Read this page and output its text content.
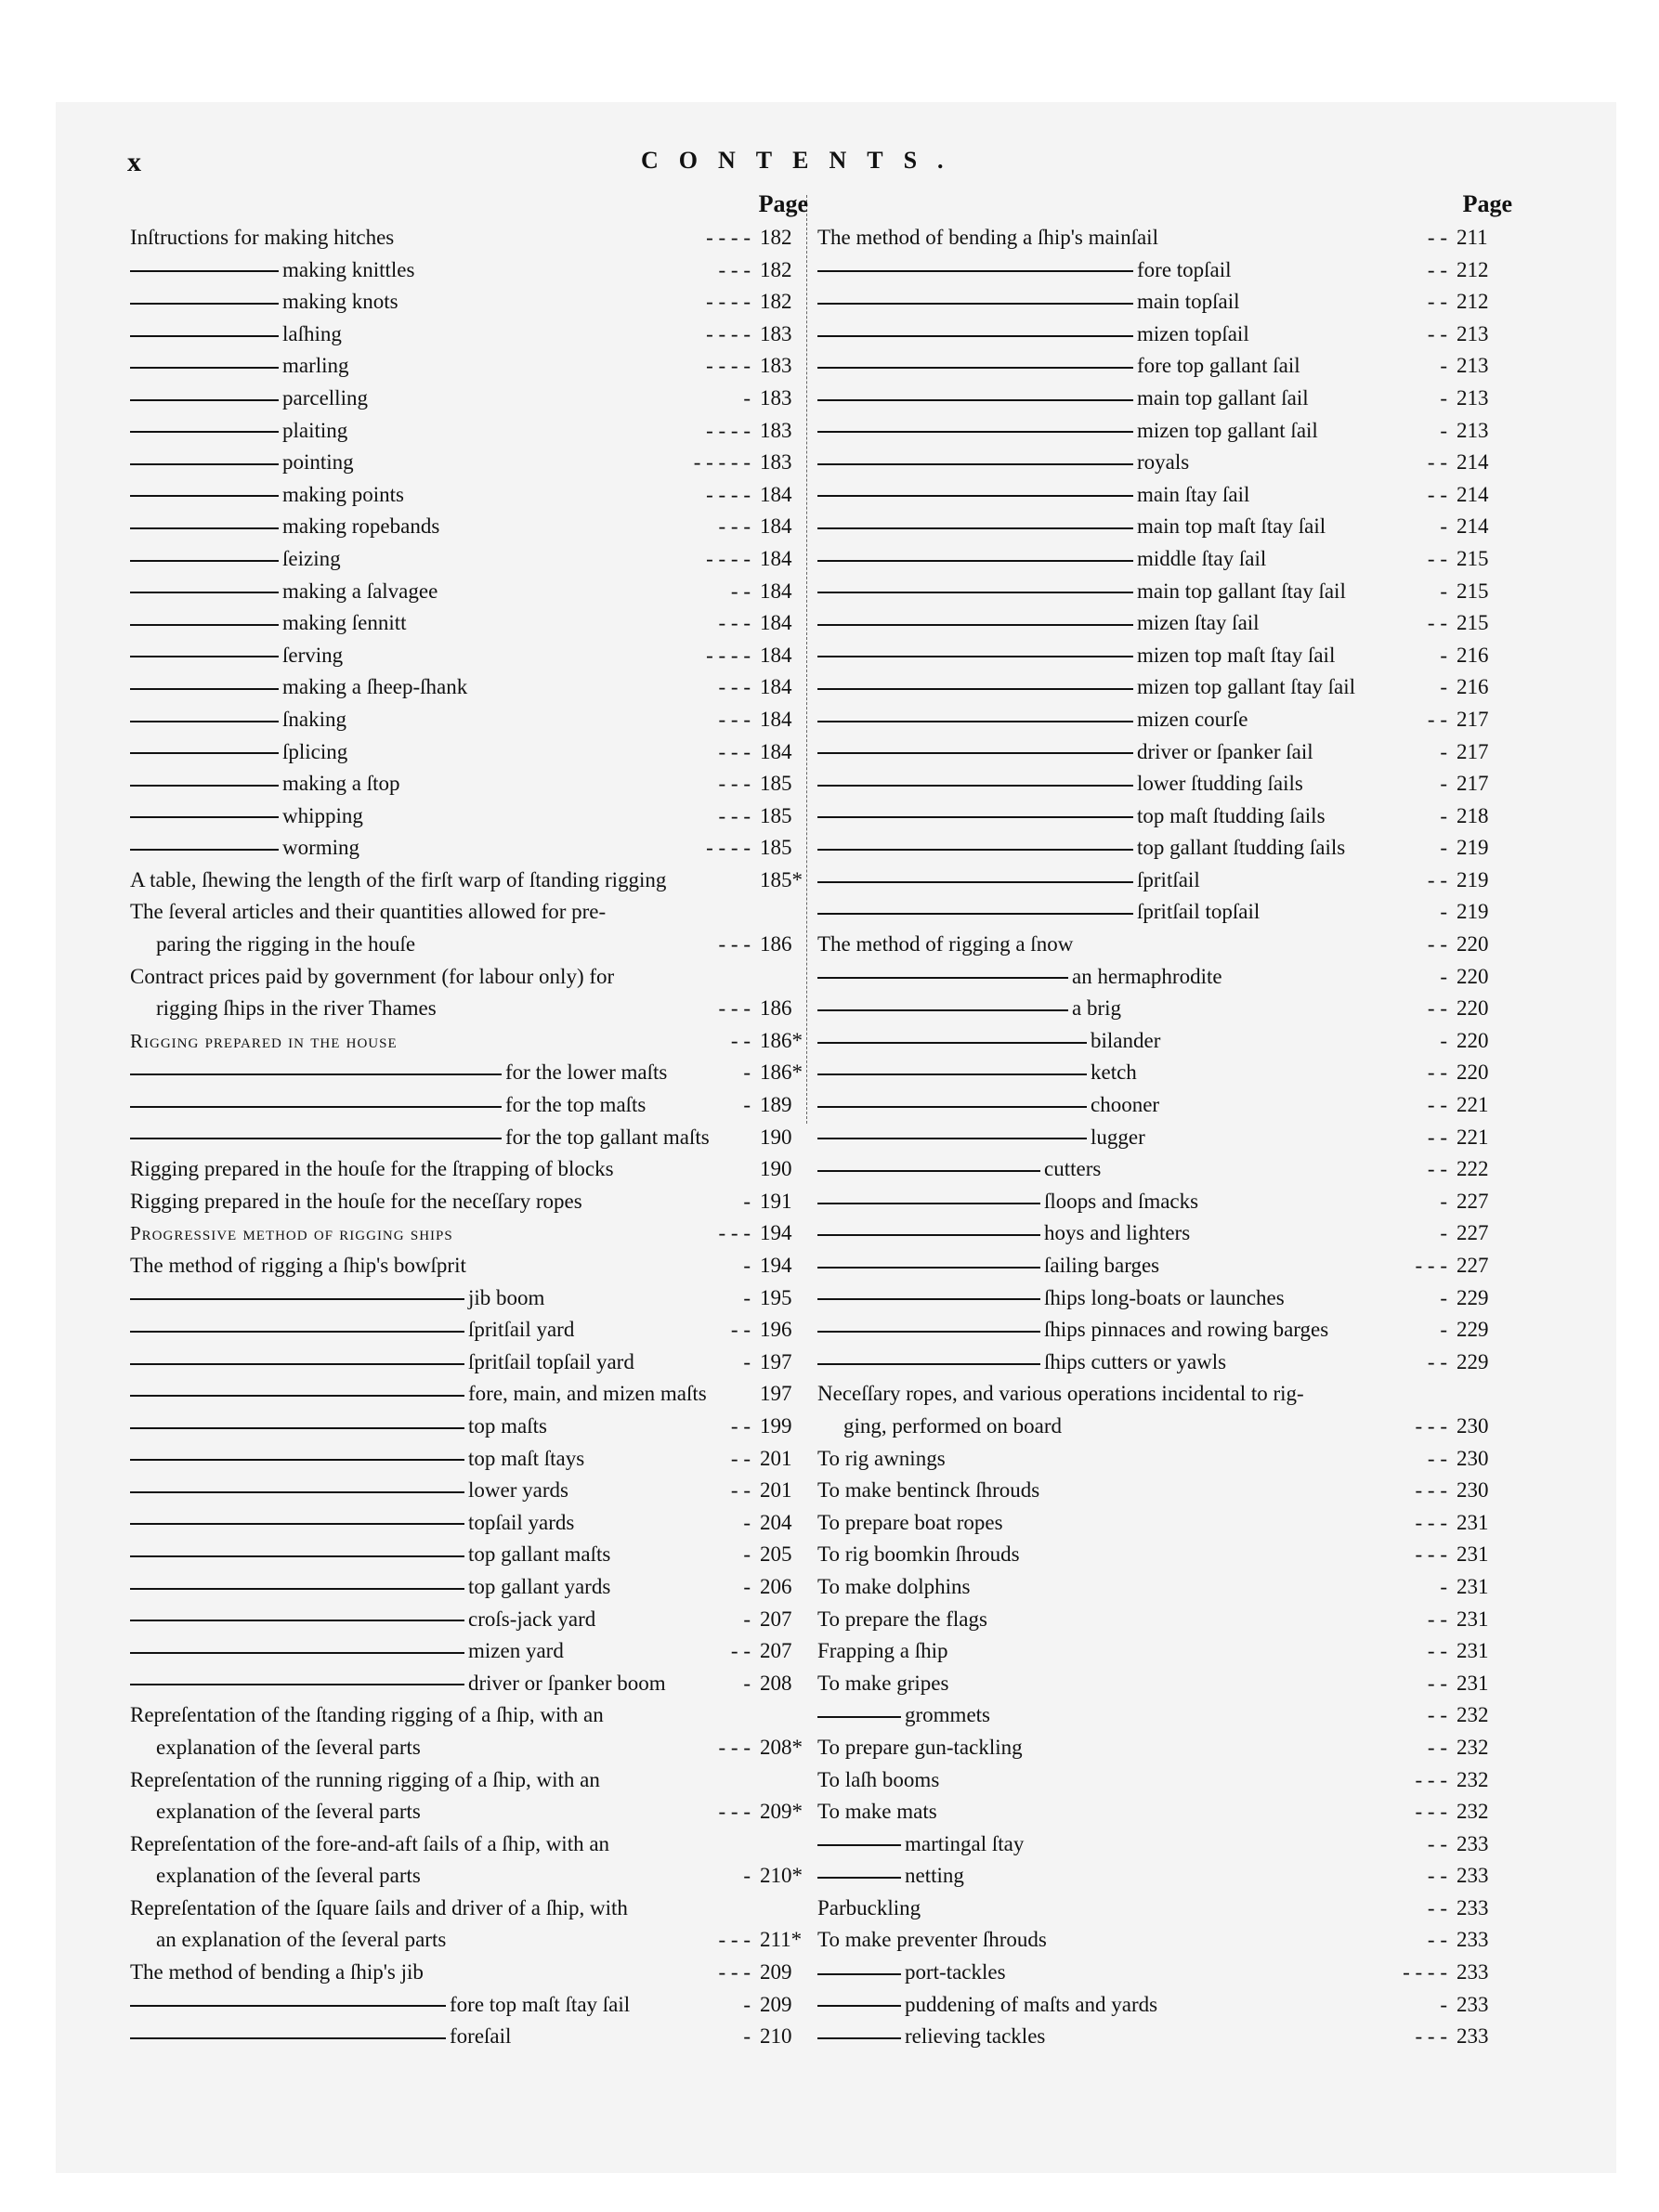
x	CONTENTS.
Page
Inſtructions for making hitches	- - - - 182
making knittles	- - - 182
making knots	- - - - 182
laſhing	- - - - 183
marling	- - - - 183
parcelling	- 183
plaiting	- - - - 183
pointing	- - - - - 183
making points	- - - - 184
making ropebands	- - - 184
ſeizing	- - - - 184
making a ſalvagee	- - 184
making ſennitt	- - - 184
ſerving	- - - - 184
making a ſheep-ſhank	- - - 184
ſnaking	- - - 184
ſplicing	- - - 184
making a ſtop	- - - 185
whipping	- - - 185
worming	- - - - 185
A table, ſhewing the length of the firſt warp of ſtanding rigging	185*
The ſeveral articles and their quantities allowed for pre-
paring the rigging in the houſe	- - - 186
Contract prices paid by government (for labour only) for
rigging ſhips in the river Thames	- - - 186
Rigging prepared in the houſe	- - 186*
for the lower maſts	- 186*
for the top maſts	- 189
for the top gallant maſts 190
Rigging prepared in the houſe for the ſtrapping of blocks	190
Rigging prepared in the houſe for the neceſſary ropes	- 191
Progressive method of rigging ships	- - - 194
The method of rigging a ſhip's bowſprit	- 194
jib boom	- 195
ſpritſail yard	- - 196
ſpritſail topſail yard	- 197
fore, main, and mizen maſts 197
top maſts	- - 199
top maſt ſtays	- - 201
lower yards	- - 201
topſail yards	- 204
top gallant maſts	- 205
top gallant yards	- 206
croſs-jack yard	- 207
mizen yard	- - 207
driver or ſpanker boom	- 208
Repreſentation of the ſtanding rigging of a ſhip, with an
explanation of the ſeveral parts	- - - 208*
Repreſentation of the running rigging of a ſhip, with an
explanation of the ſeveral parts	- - - 209*
Repreſentation of the fore-and-aft ſails of a ſhip, with an
explanation of the ſeveral parts	- 210*
Repreſentation of the ſquare ſails and driver of a ſhip, with
an explanation of the ſeveral parts	- - - 211*
The method of bending a ſhip's jib	- - - 209
fore top maſt ſtay ſail	- 209
foreſail	- 210
Page
The method of bending a ſhip's mainſail	- - 211
fore topſail	- - 212
main topſail	- - 212
mizen topſail	- - 213
fore top gallant ſail	- 213
main top gallant ſail	- 213
mizen top gallant ſail	- 213
royals	- - 214
main ſtay ſail	- - 214
main top maſt ſtay ſail	- 214
middle ſtay ſail	- - 215
main top gallant ſtay ſail	- 215
mizen ſtay ſail	- - 215
mizen top maſt ſtay ſail	- 216
mizen top gallant ſtay ſail	- 216
mizen courſe	- - 217
driver or ſpanker ſail	- 217
lower ſtudding ſails	- 217
top maſt ſtudding ſails	- 218
top gallant ſtudding ſails	- 219
ſpritſail	- - 219
ſpritſail topſail	- 219
The method of rigging a ſnow	- - 220
an hermaphrodite	- 220
a brig	- - 220
bilander	- 220
ketch	- - 220
chooner	- - 221
lugger	- - 221
cutters	- - 222
ſloops and ſmacks	- 227
hoys and lighters	- 227
ſailing barges	- - - 227
ſhips long-boats or launches	- 229
ſhips pinnaces and rowing barges	- 229
ſhips cutters or yawls	- - 229
Neceſſary ropes, and various operations incidental to rig-
ging, performed on board	- - - 230
To rig awnings	- - 230
To make bentinck ſhrouds	- - - 230
To prepare boat ropes	- - - 231
To rig boomkin ſhrouds	- - - 231
To make dolphins	- 231
To prepare the flags	- - 231
Frapping a ſhip	- - 231
To make gripes	- - 231
grommets	- - 232
To prepare gun-tackling	- - 232
To laſh booms	- - - 232
To make mats	- - - 232
martingal ſtay	- - 233
netting	- - 233
Parbuckling	- - 233
To make preventer ſhrouds	- - 233
port-tackles	- - - - 233
puddening of maſts and yards	- 233
relieving tackles	- - - 233
